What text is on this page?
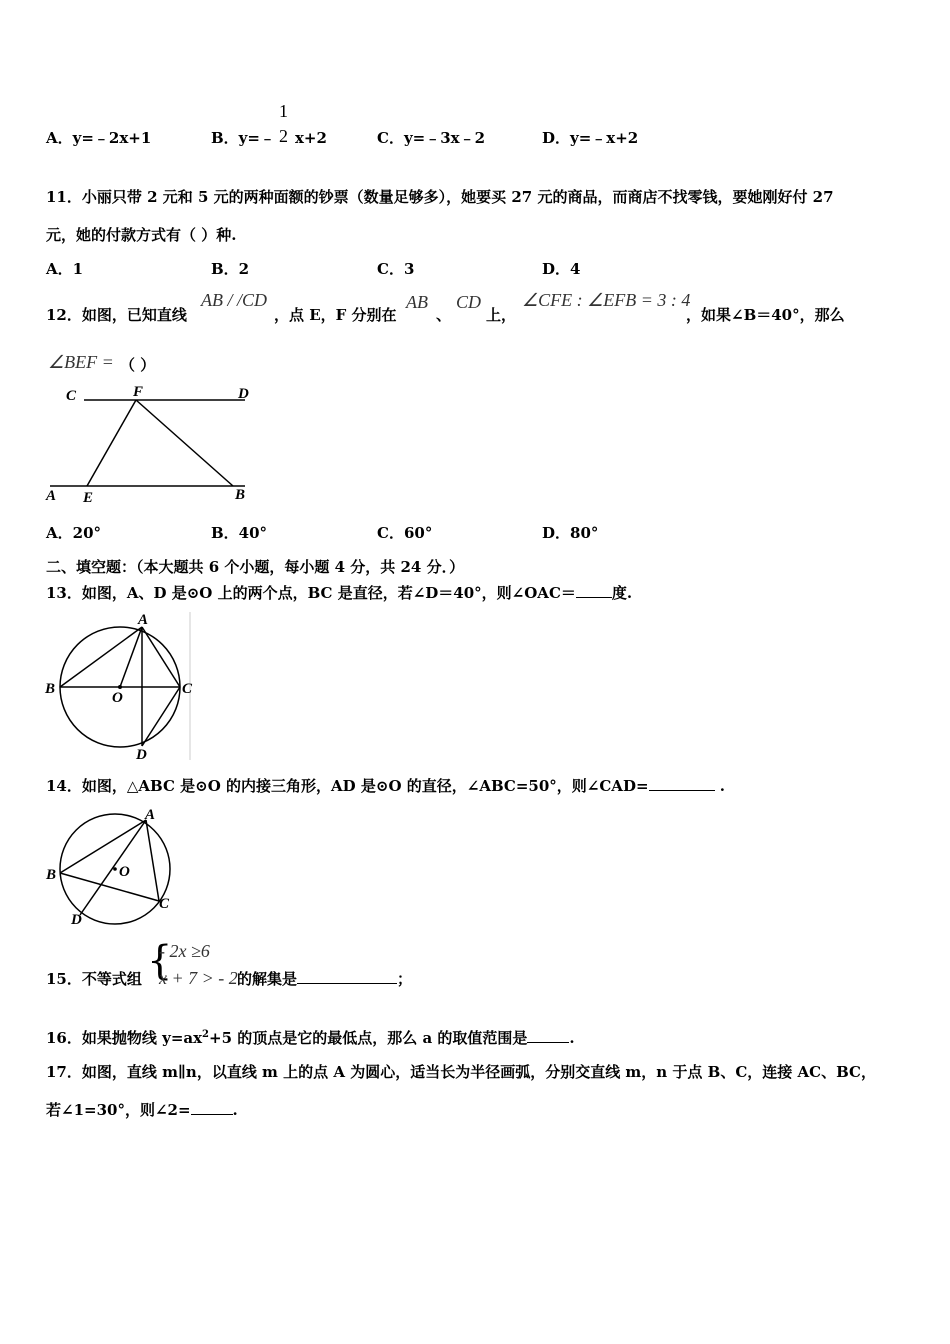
A．y=﹣2x+1	B．y=﹣ x+2
1
2	C．y=﹣3x﹣2	D．y=﹣x+2
11．小丽只带 2 元和 5 元的两种面额的钞票（数量足够多），她要买 27 元的商品，而商店不找零钱，要她刚好付 27
元，她的付款方式有（ ）种.
A．1	B．2	C．3	D．4
12．如图，已知直线
AB / /CD
，点 E，F 分别在
AB
、
CD
上，
∠CFE : ∠EFB = 3 : 4
，如果∠B＝40°，那么
∠BEF = （ ）
C	F	D
A E	B
A．20°	B．40°	C．60°	D．80°
二、填空题：（本大题共 6 个小题，每小题 4 分，共 24 分．）
13．如图，A、D 是⊙O 上的两个点，BC 是直径，若∠D＝40°，则∠OAC＝ 度.
A
B
O
C
D
14．如图，△ABC 是⊙O 的内接三角形，AD 是⊙O 的直径，∠ABC=50°，则∠CAD=	.
A
B	O
C
D
15．不等式组 {
- 2x ≥6
x + 7 > - 2 的解集是	；
16．如果抛物线 $y=ax^2+5$ 的顶点是它的最低点，那么 a 的取值范围是	.
17．如图，直线 m∥n，以直线 m 上的点 A 为圆心，适当长为半径画弧，分别交直线 m，n 于点 B、C，连接 AC、BC，
若∠1=30°，则∠2=	.
